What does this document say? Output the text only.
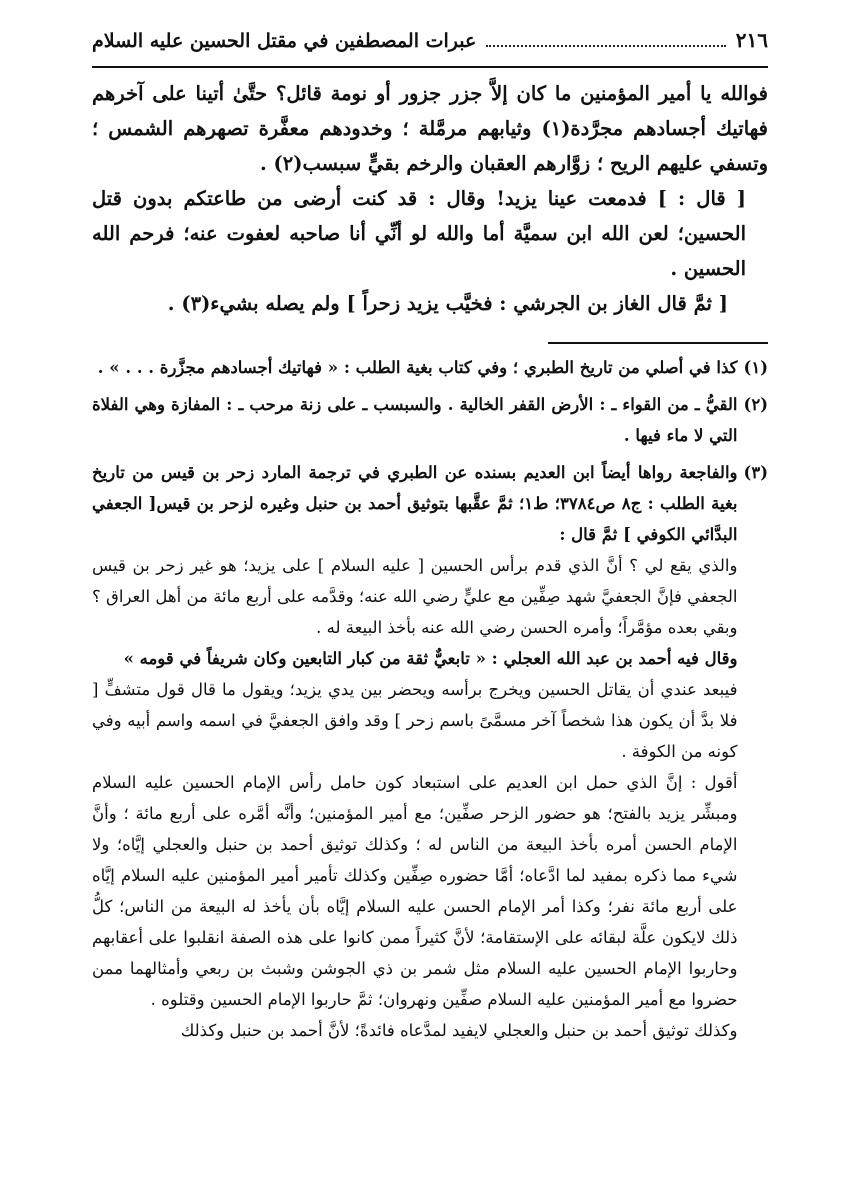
٢١٦
عبرات المصطفين في مقتل الحسين عليه السلام

فوالله يا أمير المؤمنين ما كان إلاَّ جزر جزور أو نومة قائل؟ حتَّىٰ أتينا على آخرهم فهاتيك أجسادهم مجرَّدة(١) وثيابهم مرمَّلة ؛ وخدودهم معفَّرة تصهرهم الشمس ؛ وتسفي عليهم الريح ؛ زوَّارهم العقبان والرخم بقيٍّ سبسب(٢) .

[ قال : ] فدمعت عينا يزيد! وقال : قد كنت أرضى من طاعتكم بدون قتل الحسين؛ لعن الله ابن سميَّة أما والله لو أنِّي أنا صاحبه لعفوت عنه؛ فرحم الله الحسين .

[ ثمَّ قال الغاز بن الجرشي : فخيَّب يزيد زحراً ] ولم يصله بشيء(٣) .

(١)
كذا في أصلي من تاريخ الطبري ؛ وفي كتاب بغية الطلب : « فهاتيك أجسادهم مجزَّرة . . . » .
(٢)
القيُّ ـ من القواء ـ : الأرض القفر الخالية . والسبسب ـ على زنة مرحب ـ : المفازة وهي الفلاة التي لا ماء فيها .
(٣)

والفاجعة رواها أيضاً ابن العديم بسنده عن الطبري في ترجمة المارد زحر بن قيس من تاريخ بغية الطلب : ج٨ ص٣٧٨٤؛ ط١؛ ثمَّ عقَّبها بتوثيق أحمد بن حنبل وغيره لزحر بن قيس[ الجعفي البدَّائي الكوفي ] ثمَّ قال :

والذي يقع لي ؟ أنَّ الذي قدم برأس الحسين [ عليه السلام ] على يزيد؛ هو غير زحر بن قيس الجعفي فإنَّ الجعفيَّ شهد صِفِّين مع عليٍّ رضي الله عنه؛ وقدَّمه على أربع مائة من أهل العراق ؟ وبقي بعده مؤمَّراً؛ وأمره الحسن رضي الله عنه بأخذ البيعة له .

وقال فيه أحمد بن عبد الله العجلي : « تابعيٌّ ثقة من كبار التابعين وكان شريفاً في قومه »

فيبعد عندي أن يقاتل الحسين ويخرج برأسه ويحضر بين يدي يزيد؛ ويقول ما قال قول متشفٍّ [ فلا بدَّ أن يكون هذا شخصاً آخر مسمَّىً باسم زحر ] وقد وافق الجعفيَّ في اسمه واسم أبيه وفي كونه من الكوفة .

أقول : إنَّ الذي حمل ابن العديم على استبعاد كون حامل رأس الإمام الحسين عليه السلام ومبشِّر يزيد بالفتح؛ هو حضور الزحر صفِّين؛ مع أمير المؤمنين؛ وأنَّه أمَّره على أربع مائة ؛ وأنَّ الإمام الحسن أمره بأخذ البيعة من الناس له ؛ وكذلك توثيق أحمد بن حنبل والعجلي إيَّاه؛ ولا شيء مما ذكره بمفيد لما ادَّعاه؛ أمَّا حضوره صِفِّين وكذلك تأمير أمير المؤمنين عليه السلام إيَّاه على أربع مائة نفر؛ وكذا أمر الإمام الحسن عليه السلام إيَّاه بأن يأخذ له البيعة من الناس؛ كلُّ ذلك لايكون علَّة لبقائه على الإستقامة؛ لأنَّ كثيراً ممن كانوا على هذه الصفة انقلبوا على أعقابهم وحاربوا الإمام الحسين عليه السلام مثل شمر بن ذي الجوشن وشبث بن ربعي وأمثالهما ممن حضروا مع أمير المؤمنين عليه السلام صفِّين ونهروان؛ ثمَّ حاربوا الإمام الحسين وقتلوه .

وكذلك توثيق أحمد بن حنبل والعجلي لايفيد لمدَّعاه فائدةً؛ لأنَّ أحمد بن حنبل وكذلك
